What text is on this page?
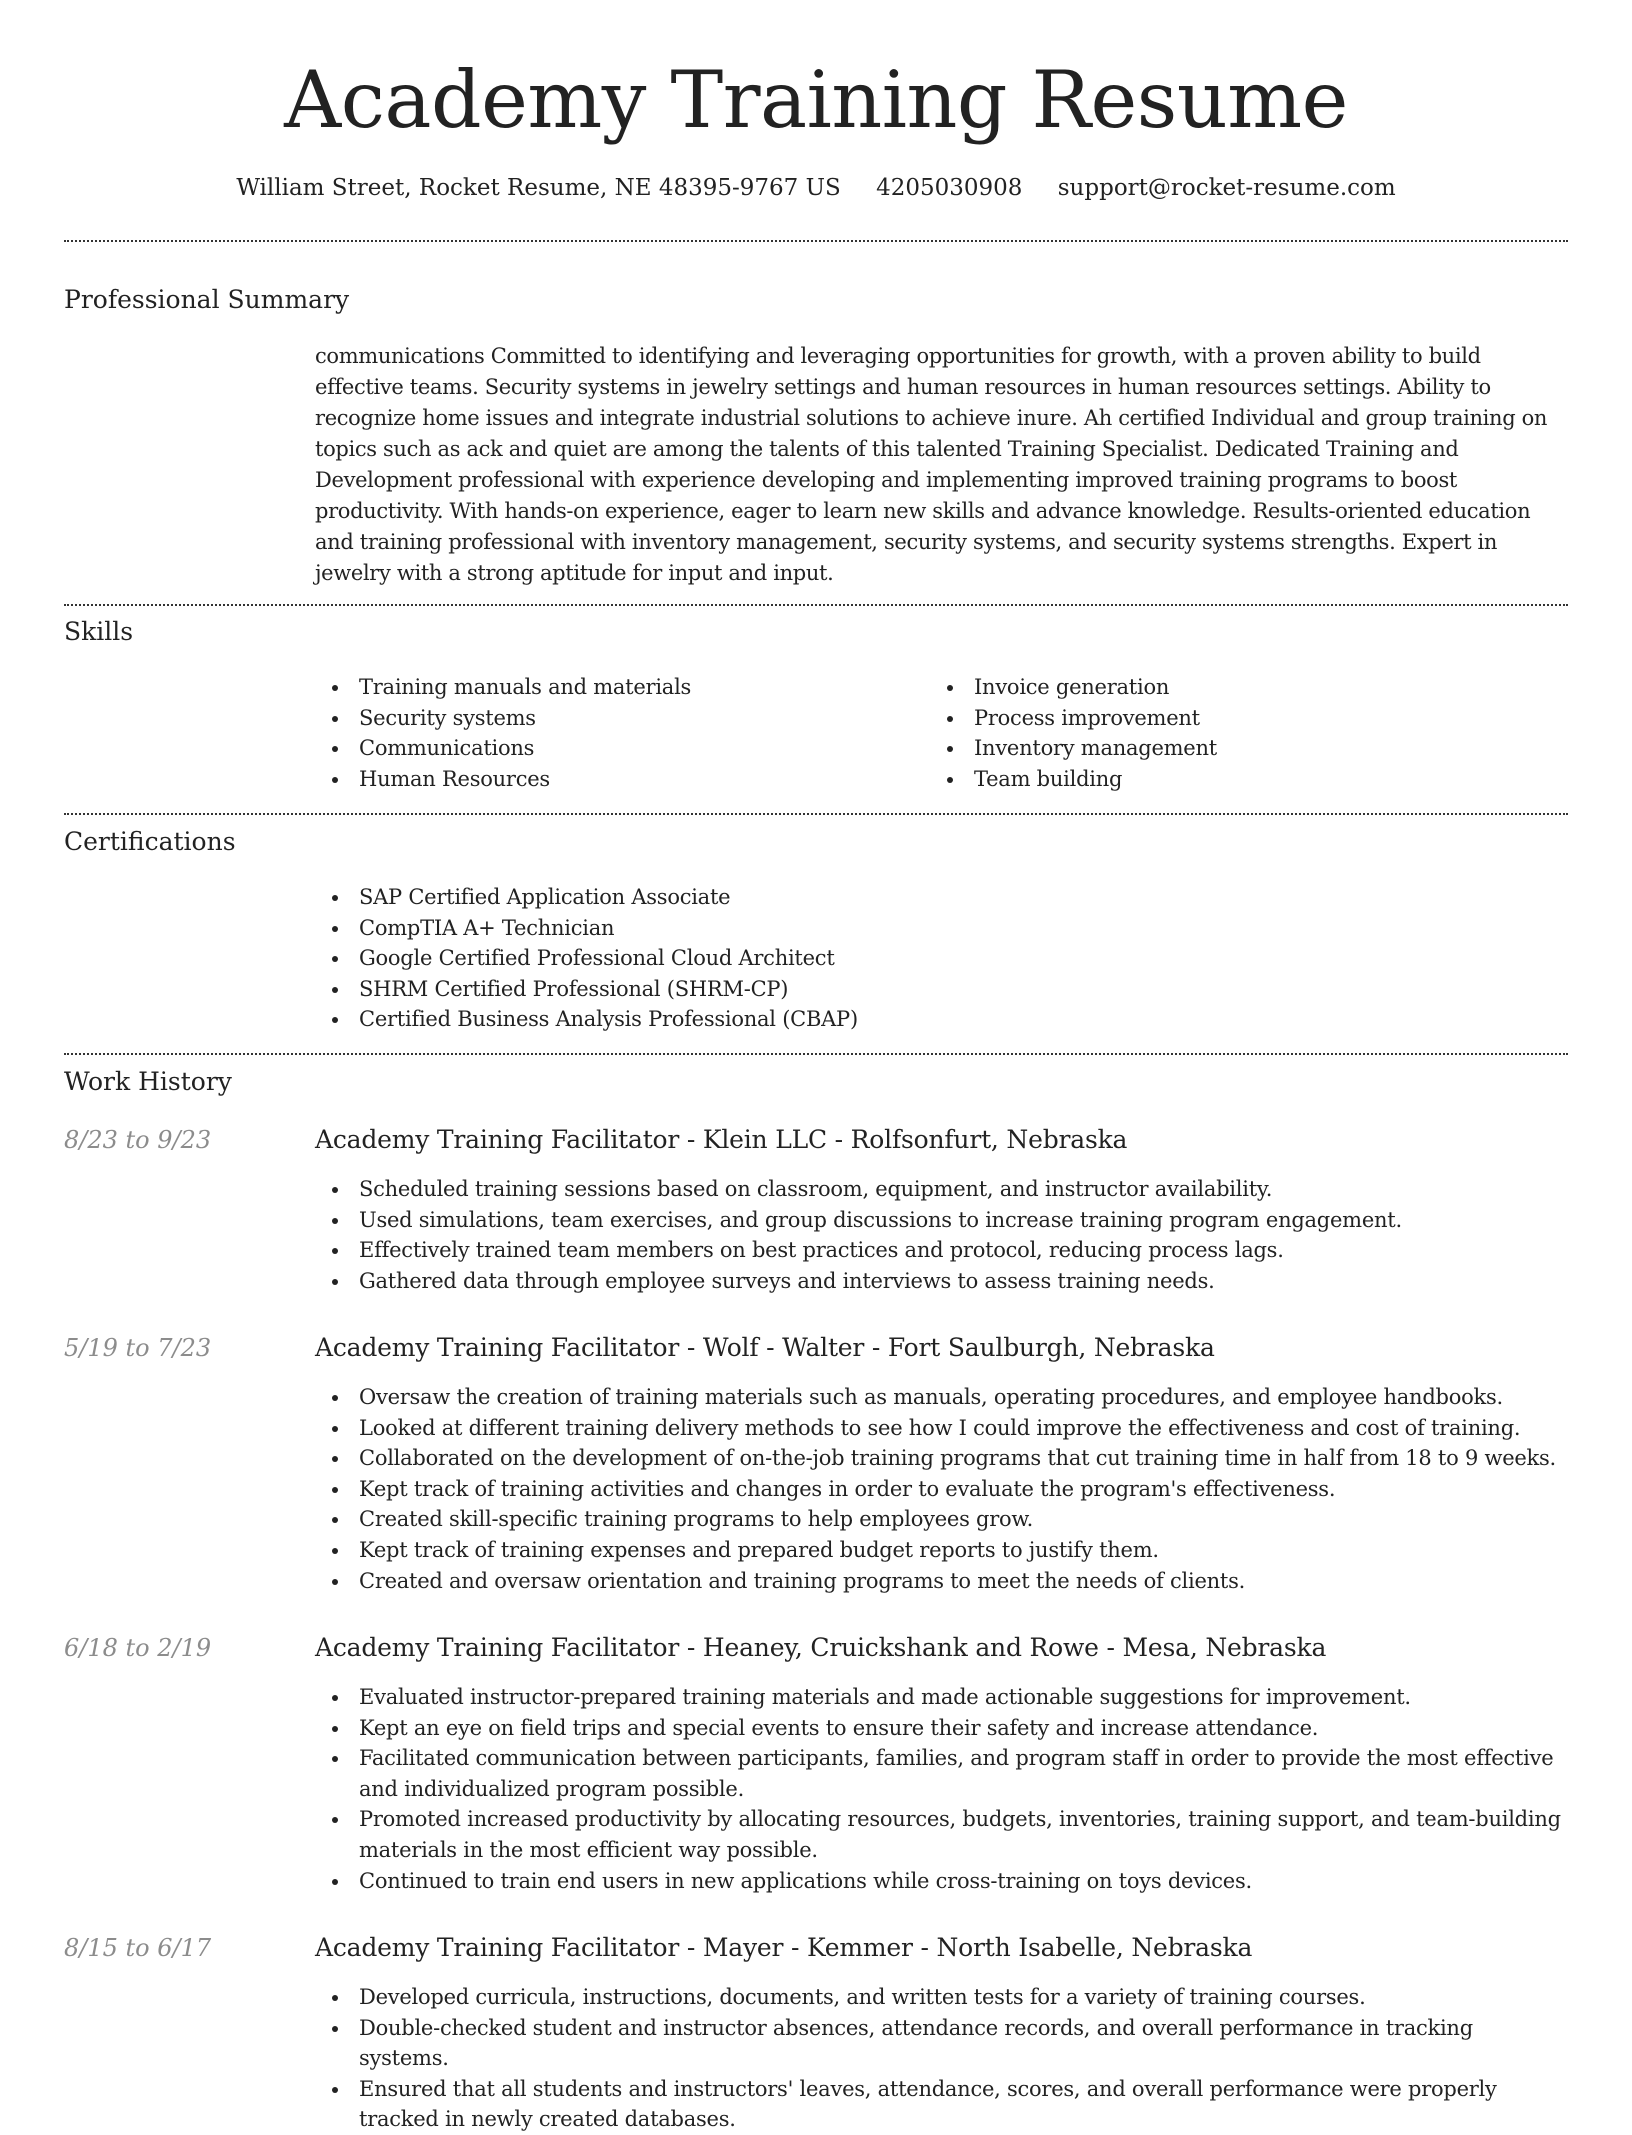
Academy Training Resume
William Street, Rocket Resume, NE 48395-9767 US 4205030908 support@rocket-resume.com
Professional Summary

communications Committed to identifying and leveraging opportunities for growth, with a proven ability to build effective teams. Security systems in jewelry settings and human resources in human resources settings. Ability to recognize home issues and integrate industrial solutions to achieve inure. Ah certified Individual and group training on topics such as ack and quiet are among the talents of this talented Training Specialist. Dedicated Training and Development professional with experience developing and implementing improved training programs to boost productivity. With hands-on experience, eager to learn new skills and advance knowledge. Results-oriented education and training professional with inventory management, security systems, and security systems strengths. Expert in jewelry with a strong aptitude for input and input.

Skills
Training manuals and materials
Security systems
Communications
Human Resources
Invoice generation
Process improvement
Inventory management
Team building
Certifications
SAP Certified Application Associate
CompTIA A+ Technician
Google Certified Professional Cloud Architect
SHRM Certified Professional (SHRM-CP)
Certified Business Analysis Professional (CBAP)
Work History
8/23 to 9/23	Academy Training Facilitator - Klein LLC - Rolfsonfurt, Nebraska
Scheduled training sessions based on classroom, equipment, and instructor availability.
Used simulations, team exercises, and group discussions to increase training program engagement.
Effectively trained team members on best practices and protocol, reducing process lags.
Gathered data through employee surveys and interviews to assess training needs.
5/19 to 7/23	Academy Training Facilitator - Wolf - Walter - Fort Saulburgh, Nebraska
Oversaw the creation of training materials such as manuals, operating procedures, and employee handbooks.
Looked at different training delivery methods to see how I could improve the effectiveness and cost of training.
Collaborated on the development of on-the-job training programs that cut training time in half from 18 to 9 weeks.
Kept track of training activities and changes in order to evaluate the program's effectiveness.
Created skill-specific training programs to help employees grow.
Kept track of training expenses and prepared budget reports to justify them.
Created and oversaw orientation and training programs to meet the needs of clients.
6/18 to 2/19	Academy Training Facilitator - Heaney, Cruickshank and Rowe - Mesa, Nebraska
Evaluated instructor-prepared training materials and made actionable suggestions for improvement.
Kept an eye on field trips and special events to ensure their safety and increase attendance.
Facilitated communication between participants, families, and program staff in order to provide the most effective and individualized program possible.
Promoted increased productivity by allocating resources, budgets, inventories, training support, and team-building materials in the most efficient way possible.
Continued to train end users in new applications while cross-training on toys devices.
8/15 to 6/17	Academy Training Facilitator - Mayer - Kemmer - North Isabelle, Nebraska
Developed curricula, instructions, documents, and written tests for a variety of training courses.
Double-checked student and instructor absences, attendance records, and overall performance in tracking systems.
Ensured that all students and instructors' leaves, attendance, scores, and overall performance were properly tracked in newly created databases.
